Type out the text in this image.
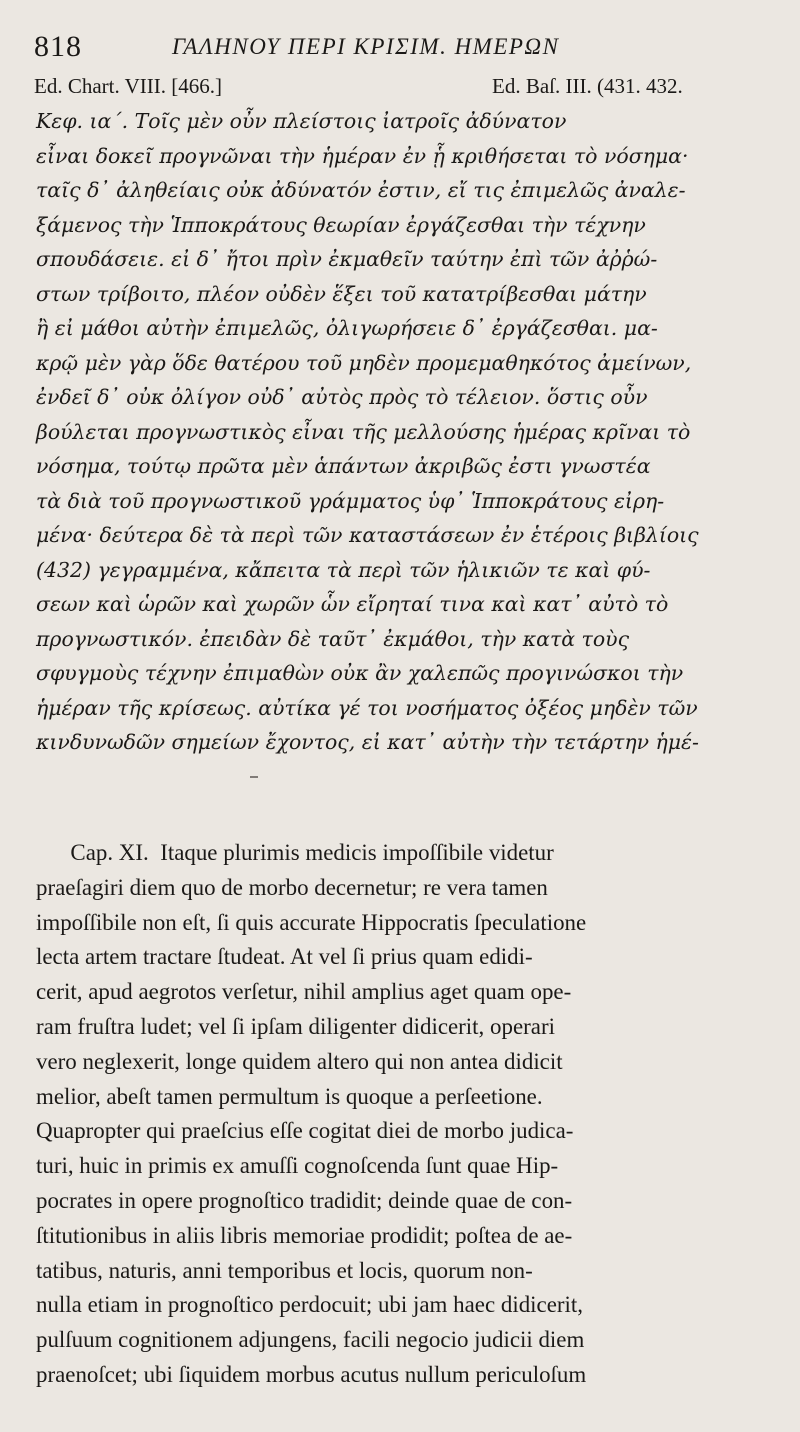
818	ΓΑΛΗΝΟΥ ΠΕΡΙ ΚΡΙΣΙΜ. ΗΜΕΡΩΝ
Ed. Chart. VIII. [466.]	Ed. Baſ. III. (431. 432.
Κεφ. ια΄. Τοῖς μὲν οὖν πλείστοις ἰατροῖς ἀδύνατον
εἶναι δοκεῖ προγνῶναι τὴν ἡμέραν ἐν ᾗ κριθήσεται τὸ νόσημα·
ταῖς δ᾽ ἀληθείαις οὐκ ἀδύνατόν ἐστιν, εἴ τις ἐπιμελῶς ἀναλε-
ξάμενος τὴν Ἱπποκράτους θεωρίαν ἐργάζεσθαι τὴν τέχνην
σπουδάσειε. εἰ δ᾽ ἤτοι πρὶν ἐκμαθεῖν ταύτην ἐπὶ τῶν ἀῤῥώ-
στων τρίβοιτο, πλέον οὐδὲν ἕξει τοῦ κατατρίβεσθαι μάτην
ἢ εἰ μάθοι αὐτὴν ἐπιμελῶς, ὀλιγωρήσειε δ᾽ ἐργάζεσθαι. μα-
κρῷ μὲν γὰρ ὅδε θατέρου τοῦ μηδὲν προμεμαθηκότος ἀμείνων,
ἐνδεῖ δ᾽ οὐκ ὀλίγον οὐδ᾽ αὐτὸς πρὸς τὸ τέλειον. ὅστις οὖν
βούλεται προγνωστικὸς εἶναι τῆς μελλούσης ἡμέρας κρῖναι τὸ
νόσημα, τούτῳ πρῶτα μὲν ἁπάντων ἀκριβῶς ἐστι γνωστέα
τὰ διὰ τοῦ προγνωστικοῦ γράμματος ὑφ᾽ Ἱπποκράτους εἰρη-
μένα· δεύτερα δὲ τὰ περὶ τῶν καταστάσεων ἐν ἑτέροις βιβλίοις
(432) γεγραμμένα, κἄπειτα τὰ περὶ τῶν ἡλικιῶν τε καὶ φύ-
σεων καὶ ὡρῶν καὶ χωρῶν ὧν εἴρηταί τινα καὶ κατ᾽ αὐτὸ τὸ
προγνωστικόν. ἐπειδὰν δὲ ταῦτ᾽ ἐκμάθοι, τὴν κατὰ τοὺς
σφυγμοὺς τέχνην ἐπιμαθὼν οὐκ ἂν χαλεπῶς προγινώσκοι τὴν
ἡμέραν τῆς κρίσεως. αὐτίκα γέ τοι νοσήματος ὀξέος μηδὲν τῶν
κινδυνωδῶν σημείων ἔχοντος, εἰ κατ᾽ αὐτὴν τὴν τετάρτην ἡμέ-
Cap. XI.  Itaque plurimis medicis impoſſibile videtur
praeſagiri diem quo de morbo decernetur; re vera tamen
impoſſibile non eſt, ſi quis accurate Hippocratis ſpeculatione
lecta artem tractare ſtudeat. At vel ſi prius quam edidi-
cerit, apud aegrotos verſetur, nihil amplius aget quam ope-
ram fruſtra ludet; vel ſi ipſam diligenter didicerit, operari
vero neglexerit, longe quidem altero qui non antea didicit
melior, abeſt tamen permultum is quoque a perſeetione.
Quapropter qui praeſcius eſſe cogitat diei de morbo judica-
turi, huic in primis ex amuſſi cognoſcenda ſunt quae Hip-
pocrates in opere prognoſtico tradidit; deinde quae de con-
ſtitutionibus in aliis libris memoriae prodidit; poſtea de ae-
tatibus, naturis, anni temporibus et locis, quorum non-
nulla etiam in prognoſtico perdocuit; ubi jam haec didicerit,
pulſuum cognitionem adjungens, facili negocio judicii diem
praenoſcet; ubi ſiquidem morbus acutus nullum periculoſum
